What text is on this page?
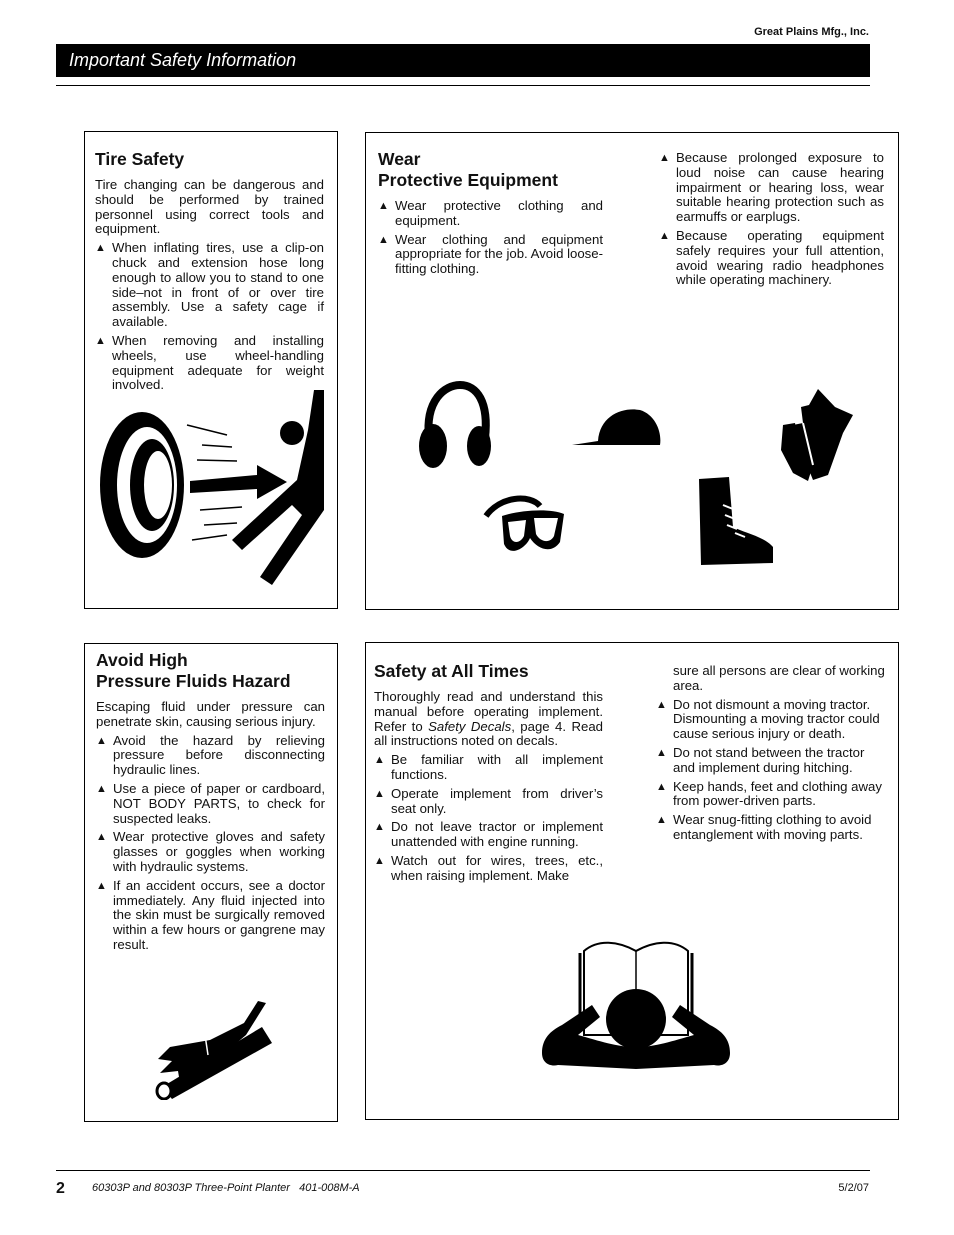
Great Plains Mfg., Inc.
Important Safety Information
Tire Safety

Tire changing can be dangerous and should be performed by trained personnel using correct tools and equipment.

▲ When inflating tires, use a clip-on chuck and extension hose long enough to allow you to stand to one side–not in front of or over tire assembly. Use a safety cage if available.
▲ When removing and installing wheels, use wheel-handling equipment adequate for weight involved.
Wear
Protective Equipment
▲ Wear protective clothing and equipment.
▲ Wear clothing and equipment appropriate for the job. Avoid loose-fitting clothing.
▲ Because prolonged exposure to loud noise can cause hearing impairment or hearing loss, wear suitable hearing protection such as earmuffs or earplugs.
▲ Because operating equipment safely requires your full attention, avoid wearing radio headphones while operating machinery.
Avoid High
Pressure Fluids Hazard

Escaping fluid under pressure can penetrate skin, causing serious injury.

▲ Avoid the hazard by relieving pressure before disconnecting hydraulic lines.
▲ Use a piece of paper or cardboard, NOT BODY PARTS, to check for suspected leaks.
▲ Wear protective gloves and safety glasses or goggles when working with hydraulic systems.
▲ If an accident occurs, see a doctor immediately. Any fluid injected into the skin must be surgically removed within a few hours or gangrene may result.
Safety at All Times

Thoroughly read and understand this manual before operating implement. Refer to Safety Decals, page 4. Read all instructions noted on decals.

▲ Be familiar with all implement functions.
▲ Operate implement from driver’s seat only.
▲ Do not leave tractor or implement unattended with engine running.
▲ Watch out for wires, trees, etc., when raising implement. Make

sure all persons are clear of working area.

▲ Do not dismount a moving tractor. Dismounting a moving tractor could cause serious injury or death.
▲ Do not stand between the tractor and implement during hitching.
▲ Keep hands, feet and clothing away from power-driven parts.
▲ Wear snug-fitting clothing to avoid entanglement with moving parts.
2 60303P and 80303P Three-Point Planter   401-008M-A	5/2/07
